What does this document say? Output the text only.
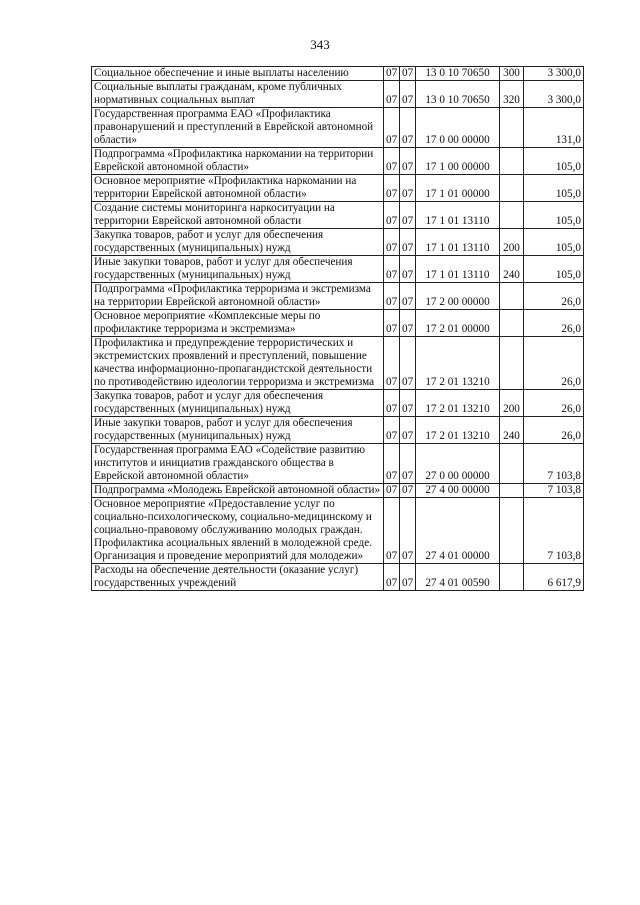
343
Социальное обеспечение и иные выплаты населению	07	07	13 0 10 70650	300	3 300,0
Социальные выплаты гражданам, кроме публичных нормативных социальных выплат	07	07	13 0 10 70650	320	3 300,0
Государственная программа ЕАО «Профилактика правонарушений и преступлений в Еврейской автономной области»	07	07	17 0 00 00000		131,0
Подпрограмма «Профилактика наркомании на территории Еврейской автономной области»	07	07	17 1 00 00000		105,0
Основное мероприятие «Профилактика наркомании на территории Еврейской автономной области»	07	07	17 1 01 00000		105,0
Создание системы мониторинга наркоситуации на территории Еврейской автономной области	07	07	17 1 01 13110		105,0
Закупка товаров, работ и услуг для обеспечения государственных (муниципальных) нужд	07	07	17 1 01 13110	200	105,0
Иные закупки товаров, работ и услуг для обеспечения государственных (муниципальных) нужд	07	07	17 1 01 13110	240	105,0
Подпрограмма «Профилактика терроризма и экстремизма на территории Еврейской автономной области»	07	07	17 2 00 00000		26,0
Основное мероприятие «Комплексные меры по профилактике терроризма и экстремизма»	07	07	17 2 01 00000		26,0
Профилактика и предупреждение террористических и экстремистских проявлений и преступлений, повышение качества информационно-пропагандистской деятельности по противодействию идеологии терроризма и экстремизма	07	07	17 2 01 13210		26,0
Закупка товаров, работ и услуг для обеспечения государственных (муниципальных) нужд	07	07	17 2 01 13210	200	26,0
Иные закупки товаров, работ и услуг для обеспечения государственных (муниципальных) нужд	07	07	17 2 01 13210	240	26,0
Государственная программа ЕАО «Содействие развитию институтов и инициатив гражданского общества в Еврейской автономной области»	07	07	27 0 00 00000		7 103,8
Подпрограмма «Молодежь Еврейской автономной области»	07	07	27 4 00 00000		7 103,8
Основное мероприятие «Предоставление услуг по социально-психологическому, социально-медицинскому и социально-правовому обслуживанию молодых граждан. Профилактика асоциальных явлений в молодежной среде. Организация и проведение мероприятий для молодежи»	07	07	27 4 01 00000		7 103,8
Расходы на обеспечение деятельности (оказание услуг) государственных учреждений	07	07	27 4 01 00590		6 617,9
